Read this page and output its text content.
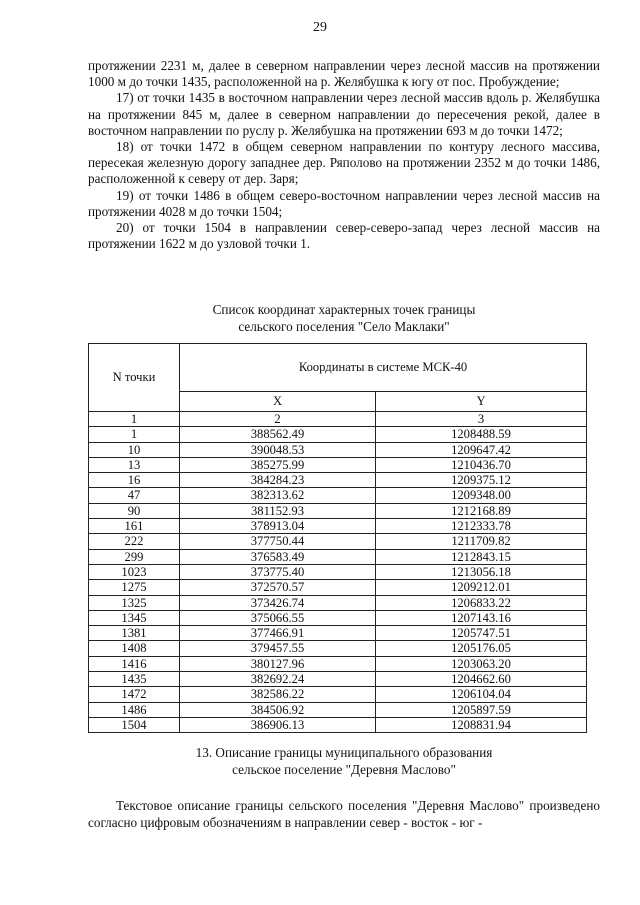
29

протяжении 2231 м, далее в северном направлении через лесной массив на протяжении 1000 м до точки 1435, расположенной на р. Желябушка к югу от пос. Пробуждение;

17) от точки 1435 в восточном направлении через лесной массив вдоль р. Желябушка на протяжении 845 м, далее в северном направлении до пересечения рекой, далее в восточном направлении по руслу р. Желябушка на протяжении 693 м до точки 1472;

18) от точки 1472 в общем северном направлении по контуру лесного массива, пересекая железную дорогу западнее дер. Ряполово на протяжении 2352 м до точки 1486, расположенной к северу от дер. Заря;

19) от точки 1486 в общем северо-восточном направлении через лесной массив на протяжении 4028 м до точки 1504;

20) от точки 1504 в направлении север-северо-запад через лесной массив на протяжении 1622 м до узловой точки 1.

Список координат характерных точек границы
сельского поселения "Село Маклаки"
N точки	Координаты в системе МСК-40	
	X	Y
1	2	3
1	388562.49	1208488.59
10	390048.53	1209647.42
13	385275.99	1210436.70
16	384284.23	1209375.12
47	382313.62	1209348.00
90	381152.93	1212168.89
161	378913.04	1212333.78
222	377750.44	1211709.82
299	376583.49	1212843.15
1023	373775.40	1213056.18
1275	372570.57	1209212.01
1325	373426.74	1206833.22
1345	375066.55	1207143.16
1381	377466.91	1205747.51
1408	379457.55	1205176.05
1416	380127.96	1203063.20
1435	382692.24	1204662.60
1472	382586.22	1206104.04
1486	384506.92	1205897.59
1504	386906.13	1208831.94
13. Описание границы муниципального образования
сельское поселение "Деревня Маслово"

Текстовое описание границы сельского поселения "Деревня Маслово" произведено согласно цифровым обозначениям в направлении север - восток - юг -
